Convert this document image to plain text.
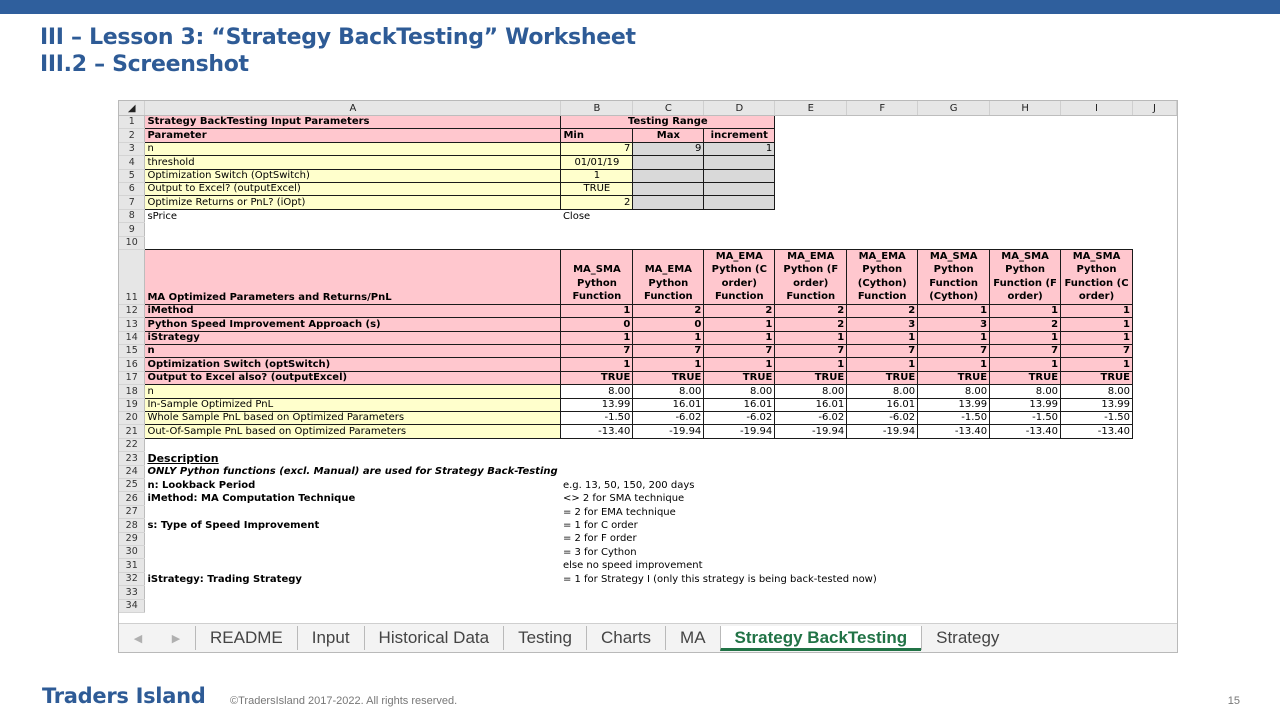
III – Lesson 3: “Strategy BackTesting” Worksheet
III.2 – Screenshot
◢	A	B	C	D	E	F	G	H	I	J
1	Strategy BackTesting Input Parameters	Testing Range								
2	Parameter	Min	Max	increment						
3	n	7	9	1						
4	threshold	01/01/19								
5	Optimization Switch (OptSwitch)	1								
6	Output to Excel? (outputExcel)	TRUE								
7	Optimize Returns or PnL? (iOpt)	2								
8	sPrice	Close								
9										
10										
11	MA Optimized Parameters and Returns/PnL	MA_SMA Python Function	MA_EMA Python Function	MA_EMA Python (C order) Function	MA_EMA Python (F order) Function	MA_EMA Python (Cython) Function	MA_SMA Python Function (Cython)	MA_SMA Python Function (F order)	MA_SMA Python Function (C order)	
12	iMethod	1	2	2	2	2	1	1	1	
13	Python Speed Improvement Approach (s)	0	0	1	2	3	3	2	1	
14	iStrategy	1	1	1	1	1	1	1	1	
15	n	7	7	7	7	7	7	7	7	
16	Optimization Switch (optSwitch)	1	1	1	1	1	1	1	1	
17	Output to Excel also? (outputExcel)	TRUE	TRUE	TRUE	TRUE	TRUE	TRUE	TRUE	TRUE	
18	n	8.00	8.00	8.00	8.00	8.00	8.00	8.00	8.00	
19	In-Sample Optimized PnL	13.99	16.01	16.01	16.01	16.01	13.99	13.99	13.99	
20	Whole Sample PnL based on Optimized Parameters	-1.50	-6.02	-6.02	-6.02	-6.02	-1.50	-1.50	-1.50	
21	Out-Of-Sample PnL based on Optimized Parameters	-13.40	-19.94	-19.94	-19.94	-19.94	-13.40	-13.40	-13.40	
22										
23	Description									
24	ONLY Python functions (excl. Manual) are used for Strategy Back-Testing									
25	n: Lookback Period	e.g. 13, 50, 150, 200 days								
26	iMethod: MA Computation Technique	<> 2 for SMA technique								
27		= 2 for EMA technique								
28	s: Type of Speed Improvement	= 1 for C order								
29		= 2 for F order								
30		= 3 for Cython								
31		else no speed improvement								
32	iStrategy: Trading Strategy	= 1 for Strategy I (only this strategy is being back-tested now)								
33										
34										
◀	▶	README	Input	Historical Data	Testing	Charts	MA	Strategy BackTesting	Strategy
Traders Island ©TradersIsland 2017-2022. All rights reserved.	15
